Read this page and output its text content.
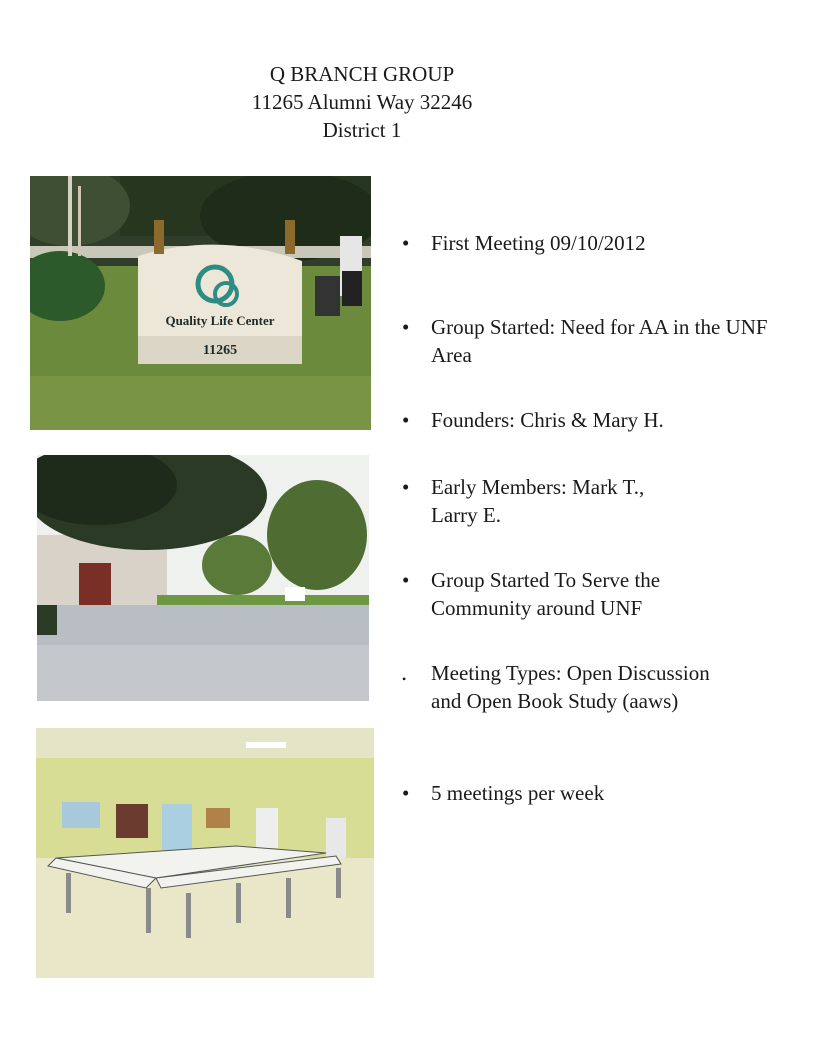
Q BRANCH GROUP
11265 Alumni Way 32246
District 1
Quality Life Center
11265
•	First Meeting 09/10/2012
•	Group Started: Need for AA in the UNF Area
•	Founders: Chris & Mary H.
•	Early Members: Mark T., Larry E.
•	Group Started To Serve the Community around UNF
•	Meeting Types: Open Discussion and Open Book Study (aaws)
•	5 meetings per week
